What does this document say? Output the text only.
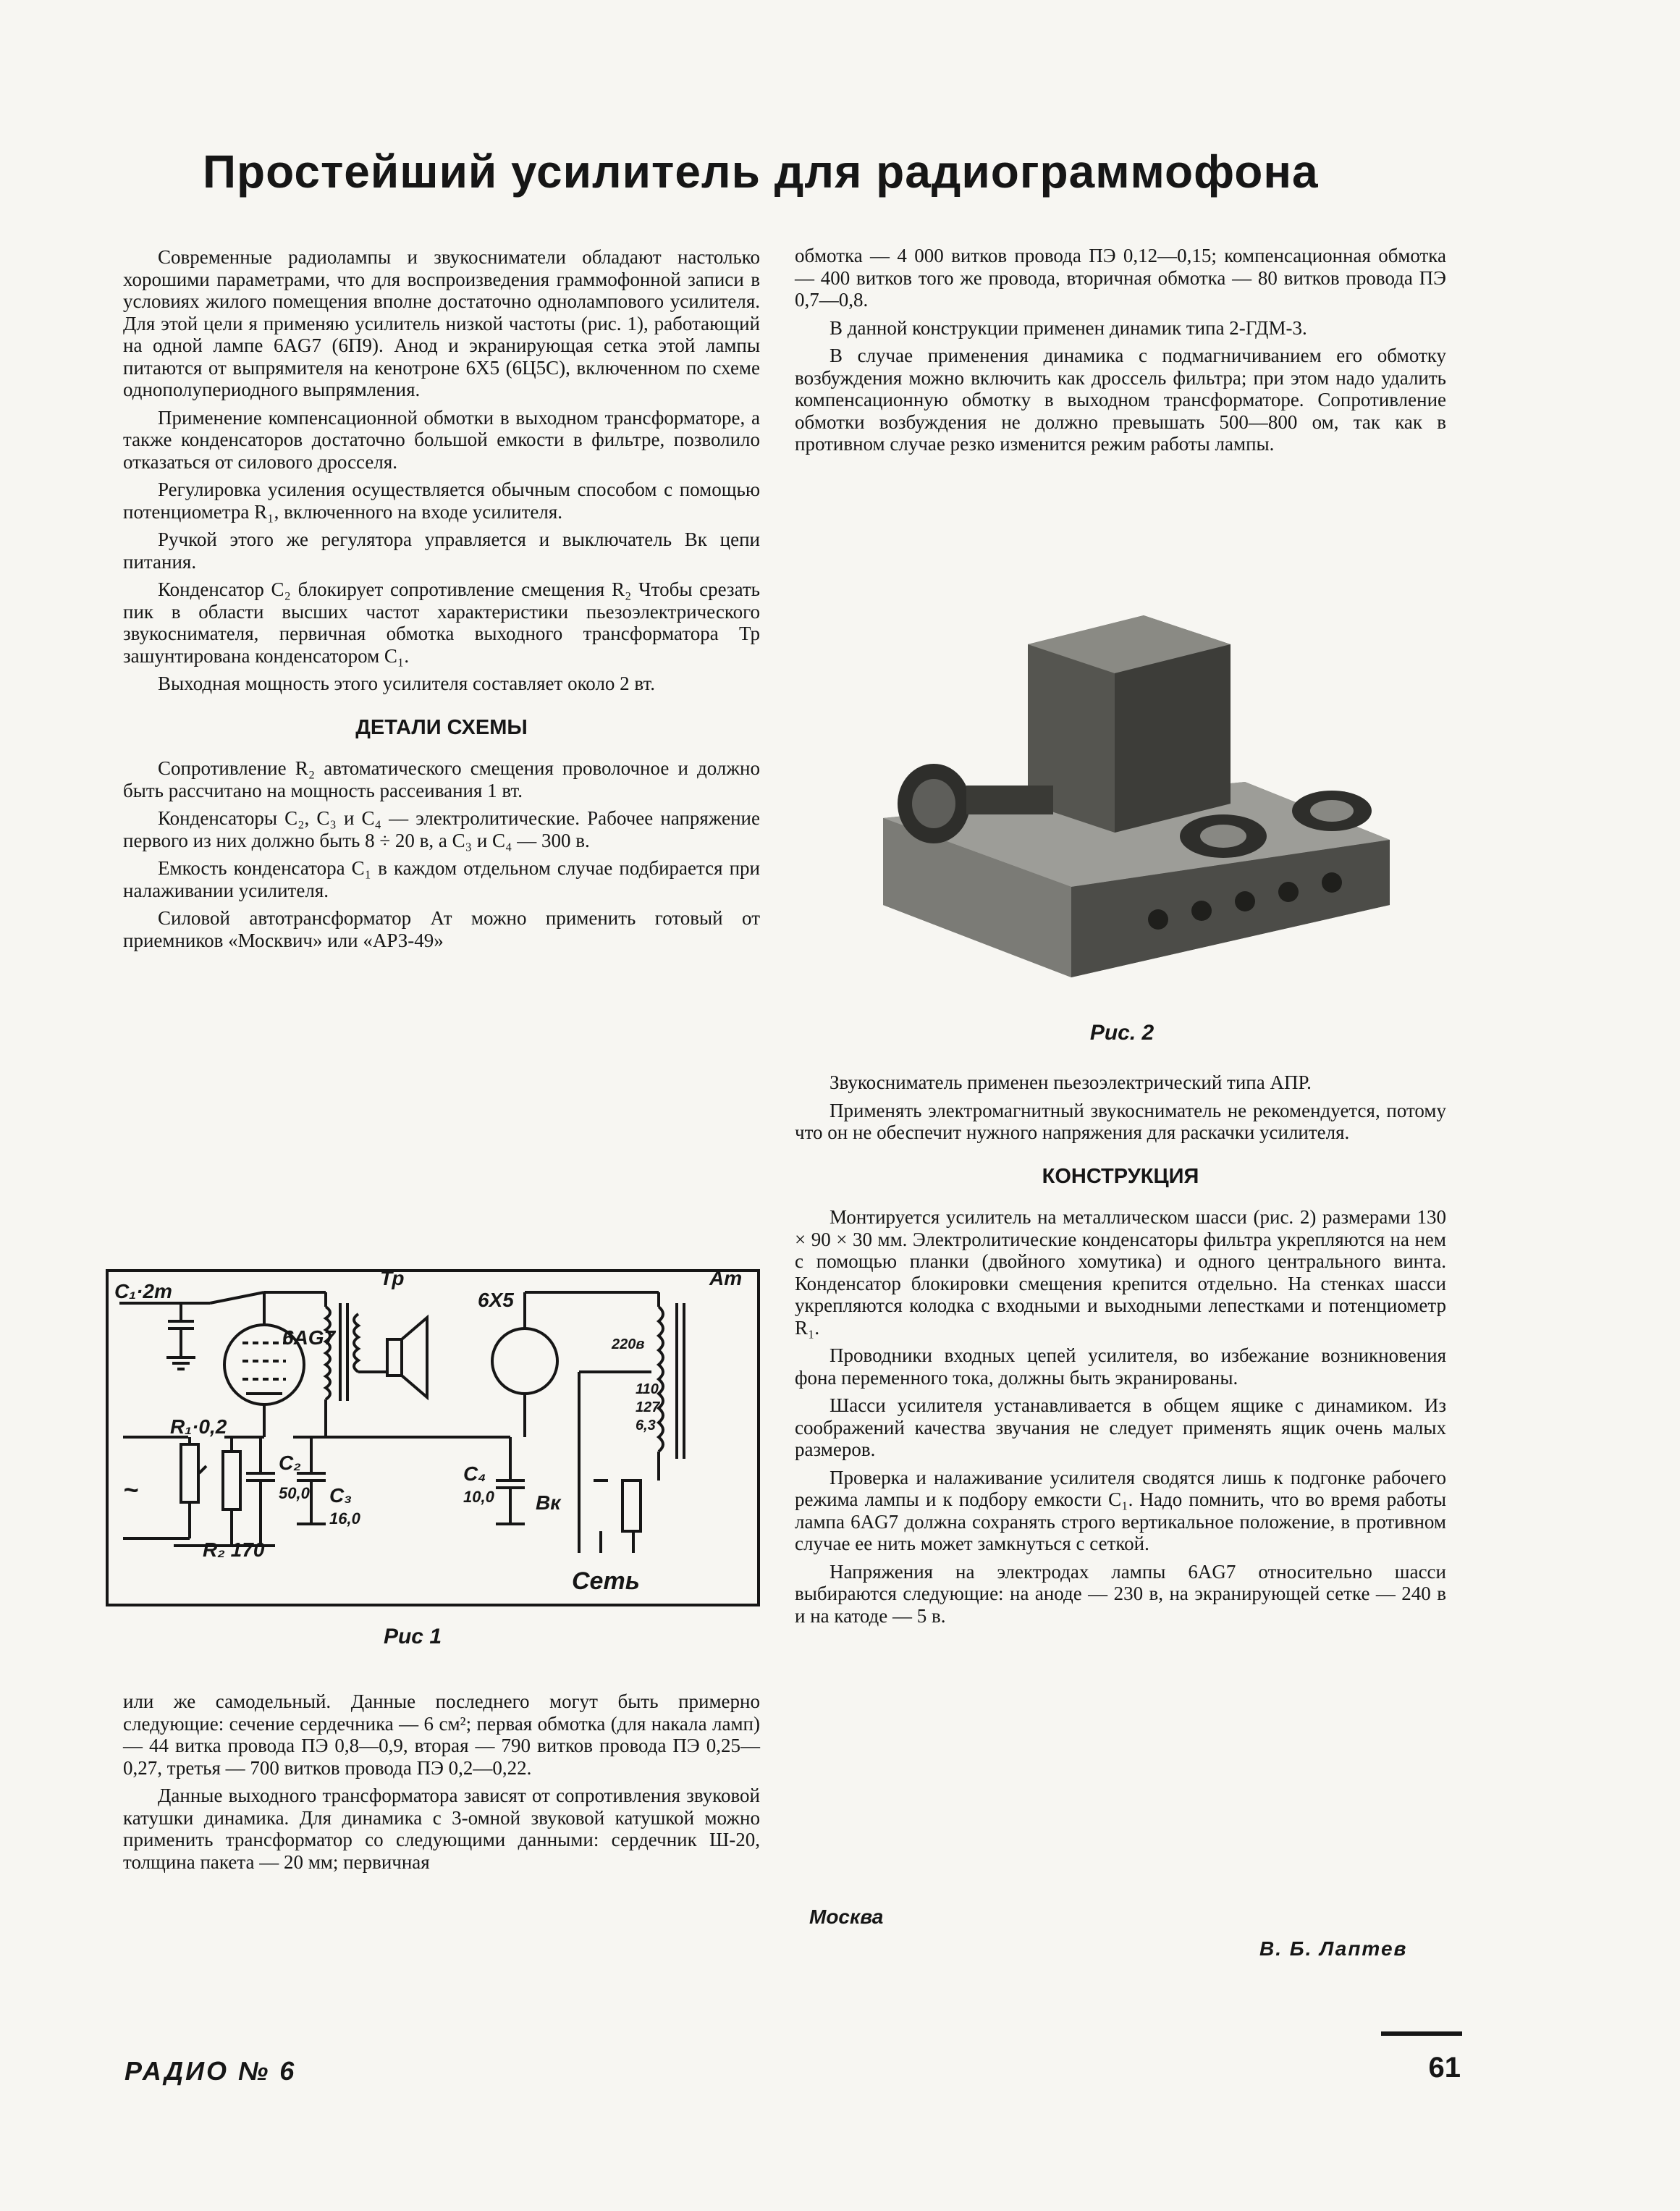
Простейший усилитель для радиограммофона

Современные радиолампы и звукосниматели обладают настолько хорошими параметрами, что для воспроизведения граммофонной записи в условиях жилого помещения вполне достаточно однолампового усилителя. Для этой цели я применяю усилитель низкой частоты (рис. 1), работающий на одной лампе 6AG7 (6П9). Анод и экранирующая сетка этой лампы питаются от выпрямителя на кенотроне 6X5 (6Ц5С), включенном по схеме однополупериодного выпрямления.

Применение компенсационной обмотки в выходном трансформаторе, а также конденсаторов достаточно большой емкости в фильтре, позволило отказаться от силового дросселя.

Регулировка усиления осуществляется обычным способом с помощью потенциометра R₁, включенного на входе усилителя.

Ручкой этого же регулятора управляется и выключатель Bк цепи питания.

Конденсатор C₂ блокирует сопротивление смещения R₂ Чтобы срезать пик в области высших частот характеристики пьезоэлектрического звукоснимателя, первичная обмотка выходного трансформатора Тр зашунтирована конденсатором C₁.

Выходная мощность этого усилителя составляет около 2 вт.

ДЕТАЛИ СХЕМЫ

Сопротивление R₂ автоматического смещения проволочное и должно быть рассчитано на мощность рассеивания 1 вт.

Конденсаторы C₂, C₃ и C₄ — электролитические. Рабочее напряжение первого из них должно быть 8 ÷ 20 в, а C₃ и C₄ — 300 в.

Емкость конденсатора C₁ в каждом отдельном случае подбирается при налаживании усилителя.

Силовой автотрансформатор Ат можно применить готовый от приемников «Москвич» или «АРЗ-49»

C₁·2т
6AG7
Тр
6X5
Ат
220в
110
127
6,3
R₁·0,2
R₂ 170
C₂
50,0 C₃
16,0
C₄
10,0 Вк
Сеть
~
Рис 1

или же самодельный. Данные последнего могут быть примерно следующие: сечение сердечника — 6 см²; первая обмотка (для накала ламп) — 44 витка провода ПЭ 0,8—0,9, вторая — 790 витков провода ПЭ 0,25—0,27, третья — 700 витков провода ПЭ 0,2—0,22.

Данные выходного трансформатора зависят от сопротивления звуковой катушки динамика. Для динамика с 3-омной звуковой катушкой можно применить трансформатор со следующими данными: сердечник Ш-20, толщина пакета — 20 мм; первичная

обмотка — 4 000 витков провода ПЭ 0,12—0,15; компенсационная обмотка — 400 витков того же провода, вторичная обмотка — 80 витков провода ПЭ 0,7—0,8.

В данной конструкции применен динамик типа 2-ГДМ-3.

В случае применения динамика с подмагничиванием его обмотку возбуждения можно включить как дроссель фильтра; при этом надо удалить компенсационную обмотку в выходном трансформаторе. Сопротивление обмотки возбуждения не должно превышать 500—800 ом, так как в противном случае резко изменится режим работы лампы.

Рис. 2

Звукосниматель применен пьезоэлектрический типа АПР.

Применять электромагнитный звукосниматель не рекомендуется, потому что он не обеспечит нужного напряжения для раскачки усилителя.

КОНСТРУКЦИЯ

Монтируется усилитель на металлическом шасси (рис. 2) размерами 130 × 90 × 30 мм. Электролитические конденсаторы фильтра укрепляются на нем с помощью планки (двойного хомутика) и одного центрального винта. Конденсатор блокировки смещения крепится отдельно. На стенках шасси укрепляются колодка с входными и выходными лепестками и потенциометр R₁.

Проводники входных цепей усилителя, во избежание возникновения фона переменного тока, должны быть экранированы.

Шасси усилителя устанавливается в общем ящике с динамиком. Из соображений качества звучания не следует применять ящик очень малых размеров.

Проверка и налаживание усилителя сводятся лишь к подгонке рабочего режима лампы и к подбору емкости C₁. Надо помнить, что во время работы лампа 6AG7 должна сохранять строго вертикальное положение, в противном случае ее нить может замкнуться с сеткой.

Напряжения на электродах лампы 6AG7 относительно шасси выбираются следующие: на аноде — 230 в, на экранирующей сетке — 240 в и на катоде — 5 в.

Москва
В. Б. Лаптев
РАДИО № 6	61
